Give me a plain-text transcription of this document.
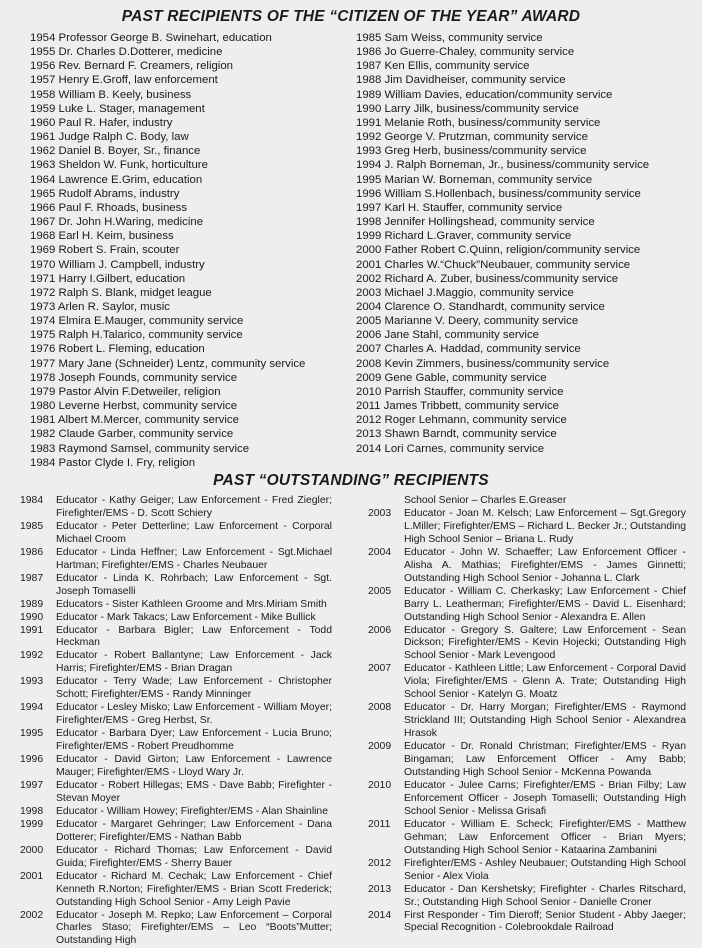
PAST RECIPIENTS OF THE “CITIZEN OF THE YEAR” AWARD
1954 Professor George B. Swinehart, education
1955 Dr. Charles D.Dotterer, medicine
1956 Rev. Bernard F. Creamers, religion
1957 Henry E.Groff, law enforcement
1958 William B. Keely, business
1959 Luke L. Stager, management
1960 Paul R. Hafer, industry
1961 Judge Ralph C. Body, law
1962 Daniel B. Boyer, Sr., finance
1963 Sheldon W. Funk, horticulture
1964 Lawrence E.Grim, education
1965 Rudolf Abrams, industry
1966 Paul F. Rhoads, business
1967 Dr. John H.Waring, medicine
1968 Earl H. Keim, business
1969 Robert S. Frain, scouter
1970 William J. Campbell, industry
1971 Harry I.Gilbert, education
1972 Ralph S. Blank, midget league
1973 Arlen R. Saylor, music
1974 Elmira E.Mauger, community service
1975 Ralph H.Talarico, community service
1976 Robert L. Fleming, education
1977 Mary Jane (Schneider) Lentz, community service
1978 Joseph Founds, community service
1979 Pastor Alvin F.Detweiler, religion
1980 Leverne Herbst, community service
1981 Albert M.Mercer, community service
1982 Claude Garber, community service
1983 Raymond Samsel, community service
1984 Pastor Clyde I. Fry, religion
1985 Sam Weiss, community service
1986 Jo Guerre-Chaley, community service
1987 Ken Ellis, community service
1988 Jim Davidheiser, community service
1989 William Davies, education/community service
1990 Larry Jilk, business/community service
1991 Melanie Roth, business/community service
1992 George V. Prutzman, community service
1993 Greg Herb, business/community service
1994 J. Ralph Borneman, Jr., business/community service
1995 Marian W. Borneman, community service
1996 William S.Hollenbach, business/community service
1997 Karl H. Stauffer, community service
1998 Jennifer Hollingshead, community service
1999 Richard L.Graver, community service
2000 Father Robert C.Quinn, religion/community service
2001 Charles W.“Chuck”Neubauer, community service
2002 Richard A. Zuber, business/community service
2003 Michael J.Maggio, community service
2004 Clarence O. Standhardt, community service
2005 Marianne V. Deery, community service
2006 Jane Stahl, community service
2007 Charles A. Haddad, community service
2008 Kevin Zimmers, business/community service
2009 Gene Gable, community service
2010 Parrish Stauffer, community service
2011 James Tribbett, community service
2012 Roger Lehmann, community service
2013 Shawn Barndt, community service
2014 Lori Carnes, community service
PAST “OUTSTANDING” RECIPIENTS
1984	Educator - Kathy Geiger; Law Enforcement - Fred Ziegler; Firefighter/EMS - D. Scott Schiery
1985	Educator - Peter Detterline; Law Enforcement - Corporal Michael Croom
1986	Educator - Linda Heffner; Law Enforcement - Sgt.Michael Hartman; Firefighter/EMS - Charles Neubauer
1987	Educator - Linda K. Rohrbach; Law Enforcement - Sgt. Joseph Tomaselli
1989	Educators - Sister Kathleen Groome and Mrs.Miriam Smith
1990	Educator - Mark Takacs; Law Enforcement - Mike Bullick
1991	Educator - Barbara Bigler; Law Enforcement - Todd Heckman
1992	Educator - Robert Ballantyne; Law Enforcement - Jack Harris; Firefighter/EMS - Brian Dragan
1993	Educator - Terry Wade; Law Enforcement - Christopher Schott; Firefighter/EMS - Randy Minninger
1994	Educator - Lesley Misko; Law Enforcement - William Moyer; Firefighter/EMS - Greg Herbst, Sr.
1995	Educator - Barbara Dyer; Law Enforcement - Lucia Bruno; Firefighter/EMS - Robert Preudhomme
1996	Educator - David Girton; Law Enforcement - Lawrence Mauger; Firefighter/EMS - Lloyd Wary Jr.
1997	Educator - Robert Hillegas; EMS - Dave Babb; Firefighter - Stevan Moyer
1998	Educator - William Howey; Firefighter/EMS - Alan Shainline
1999	Educator - Margaret Gehringer; Law Enforcement - Dana Dotterer; Firefighter/EMS - Nathan Babb
2000	Educator - Richard Thomas; Law Enforcement - David Guida; Firefighter/EMS - Sherry Bauer
2001	Educator - Richard M. Cechak; Law Enforcement - Chief Kenneth R.Norton; Firefighter/EMS - Brian Scott Frederick; Outstanding High School Senior - Amy Leigh Pavie
2002	Educator - Joseph M. Repko; Law Enforcement – Corporal Charles Staso; Firefighter/EMS – Leo “Boots”Mutter; Outstanding High
School Senior – Charles E.Greaser
2003	Educator - Joan M. Kelsch; Law Enforcement – Sgt.Gregory L.Miller; Firefighter/EMS – Richard L. Becker Jr.; Outstanding High School Senior – Briana L. Rudy
2004	Educator - John W. Schaeffer; Law Enforcement Officer - Alisha A. Mathias; Firefighter/EMS - James Ginnetti; Outstanding High School Senior - Johanna L. Clark
2005	Educator - William C. Cherkasky; Law Enforcement - Chief Barry L. Leatherman; Firefighter/EMS - David L. Eisenhard; Outstanding High School Senior - Alexandra E. Allen
2006	Educator - Gregory S. Galtere; Law Enforcement - Sean Dickson; Firefighter/EMS - Kevin Hojecki; Outstanding High School Senior - Mark Levengood
2007	Educator - Kathleen Little; Law Enforcement - Corporal David Viola; Firefighter/EMS - Glenn A. Trate; Outstanding High School Senior - Katelyn G. Moatz
2008	Educator - Dr. Harry Morgan; Firefighter/EMS - Raymond Strickland III; Outstanding High School Senior - Alexandrea Hrasok
2009	Educator - Dr. Ronald Christman; Firefighter/EMS - Ryan Bingaman; Law Enforcement Officer - Amy Babb; Outstanding High School Senior - McKenna Powanda
2010	Educator - Julee Carns; Firefighter/EMS - Brian Filby; Law Enforcement Officer - Joseph Tomaselli; Outstanding High School Senior - Melissa Grisafi
2011	Educator - William E. Scheck; Firefighter/EMS - Matthew Gehman; Law Enforcement Officer - Brian Myers; Outstanding High School Senior - Kataarina Zambanini
2012	Firefighter/EMS - Ashley Neubauer; Outstanding High School Senior - Alex Viola
2013	Educator - Dan Kershetsky; Firefighter - Charles Ritschard, Sr.; Outstanding High School Senior - Danielle Croner
2014	First Responder - Tim Dieroff; Senior Student - Abby Jaeger; Special Recognition - Colebrookdale Railroad
